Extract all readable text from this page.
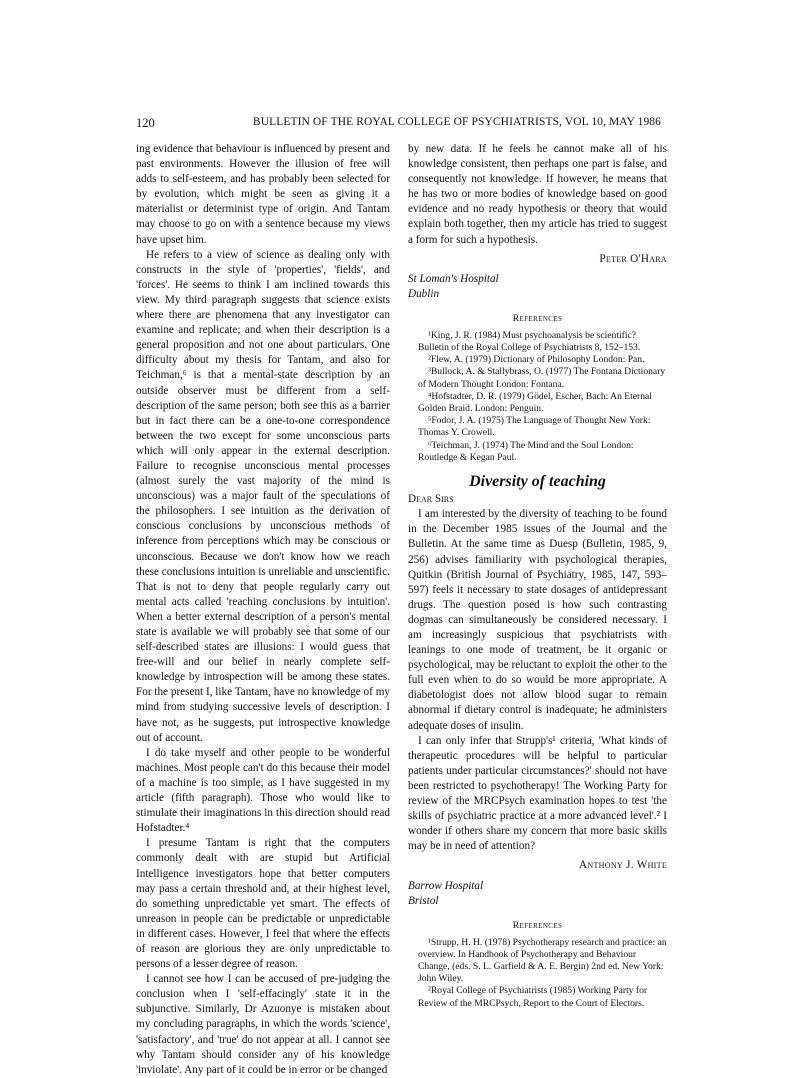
120	BULLETIN OF THE ROYAL COLLEGE OF PSYCHIATRISTS, VOL 10, MAY 1986

ing evidence that behaviour is influenced by present and past environments. However the illusion of free will adds to self-esteem, and has probably been selected for by evolution, which might be seen as giving it a materialist or determinist type of origin. And Tantam may choose to go on with a sentence because my views have upset him.

He refers to a view of science as dealing only with constructs in the style of 'properties', 'fields', and 'forces'. He seems to think I am inclined towards this view. My third paragraph suggests that science exists where there are phenomena that any investigator can examine and replicate; and when their description is a general proposition and not one about particulars. One difficulty about my thesis for Tantam, and also for Teichman,⁶ is that a mental-state description by an outside observer must be different from a self-description of the same person; both see this as a barrier but in fact there can be a one-to-one correspondence between the two except for some unconscious parts which will only appear in the external description. Failure to recognise unconscious mental processes (almost surely the vast majority of the mind is unconscious) was a major fault of the speculations of the philosophers. I see intuition as the derivation of conscious conclusions by unconscious methods of inference from perceptions which may be conscious or unconscious. Because we don't know how we reach these conclusions intuition is unreliable and unscientific. That is not to deny that people regularly carry out mental acts called 'reaching conclusions by intuition'. When a better external description of a person's mental state is available we will probably see that some of our self-described states are illusions: I would guess that free-will and our belief in nearly complete self-knowledge by introspection will be among these states. For the present I, like Tantam, have no knowledge of my mind from studying successive levels of description. I have not, as he suggests, put introspective knowledge out of account.

I do take myself and other people to be wonderful machines. Most people can't do this because their model of a machine is too simple, as I have suggested in my article (fifth paragraph). Those who would like to stimulate their imaginations in this direction should read Hofstadter.⁴

I presume Tantam is right that the computers commonly dealt with are stupid but Artificial Intelligence investigators hope that better computers may pass a certain threshold and, at their highest level, do something unpredictable yet smart. The effects of unreason in people can be predictable or unpredictable in different cases. However, I feel that where the effects of reason are glorious they are only unpredictable to persons of a lesser degree of reason.

I cannot see how I can be accused of pre-judging the conclusion when I 'self-effacingly' state it in the subjunctive. Similarly, Dr Azuonye is mistaken about my concluding paragraphs, in which the words 'science', 'satisfactory', and 'true' do not appear at all. I cannot see why Tantam should consider any of his knowledge 'inviolate'. Any part of it could be in error or be changed

by new data. If he feels he cannot make all of his knowledge consistent, then perhaps one part is false, and consequently not knowledge. If however, he means that he has two or more bodies of knowledge based on good evidence and no ready hypothesis or theory that would explain both together, then my article has tried to suggest a form for such a hypothesis.

Peter O'Hara
St Loman's Hospital
Dublin
References

¹King, J. R. (1984) Must psychoanalysis be scientific? Bulletin of the Royal College of Psychiatrists 8, 152–153.

²Flew, A. (1979) Dictionary of Philosophy London: Pan.

³Bullock, A. & Stallybrass, O. (1977) The Fontana Dictionary of Modern Thought London: Fontana.

⁴Hofstadter, D. R. (1979) Gödel, Escher, Bach: An Eternal Golden Braid. London: Penguin.

⁵Fodor, J. A. (1975) The Language of Thought New York: Thomas Y. Crowell.

⁶Teichman, J. (1974) The Mind and the Soul London: Routledge & Kegan Paul.

Diversity of teaching
Dear Sirs

I am interested by the diversity of teaching to be found in the December 1985 issues of the Journal and the Bulletin. At the same time as Duesp (Bulletin, 1985, 9, 256) advises familiarity with psychological therapies, Quitkin (British Journal of Psychiatry, 1985, 147, 593–597) feels it necessary to state dosages of antidepressant drugs. The question posed is how such contrasting dogmas can simultaneously be considered necessary. I am increasingly suspicious that psychiatrists with leanings to one mode of treatment, be it organic or psychological, may be reluctant to exploit the other to the full even when to do so would be more appropriate. A diabetologist does not allow blood sugar to remain abnormal if dietary control is inadequate; he administers adequate doses of insulin.

I can only infer that Strupp's¹ criteria, 'What kinds of therapeutic procedures will be helpful to particular patients under particular circumstances?' should not have been restricted to psychotherapy! The Working Party for review of the MRCPsych examination hopes to test 'the skills of psychiatric practice at a more advanced level'.² I wonder if others share my concern that more basic skills may be in need of attention?

Anthony J. White
Barrow Hospital
Bristol
References

¹Strupp, H. H. (1978) Psychotherapy research and practice: an overview. In Handbook of Psychotherapy and Behaviour Change, (eds. S. L. Garfield & A. E. Bergin) 2nd ed. New York: John Wiley.

²Royal College of Psychiatrists (1985) Working Party for Review of the MRCPsych, Report to the Court of Electors.
